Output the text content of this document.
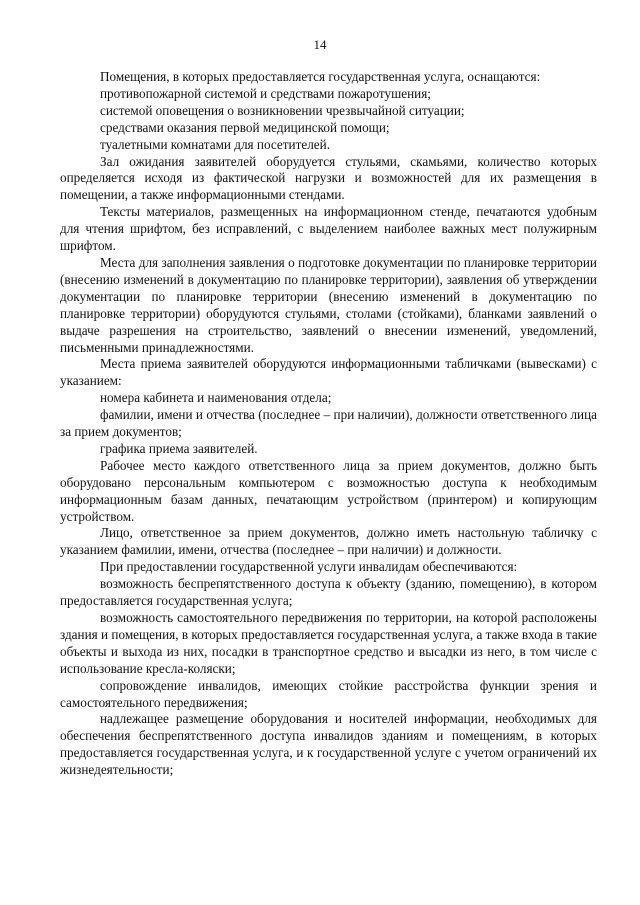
14

Помещения, в которых предоставляется государственная услуга, оснащаются:

противопожарной системой и средствами пожаротушения;

системой оповещения о возникновении чрезвычайной ситуации;

средствами оказания первой медицинской помощи;

туалетными комнатами для посетителей.

Зал ожидания заявителей оборудуется стульями, скамьями, количество которых определяется исходя из фактической нагрузки и возможностей для их размещения в помещении, а также информационными стендами.

Тексты материалов, размещенных на информационном стенде, печатаются удобным для чтения шрифтом, без исправлений, с выделением наиболее важных мест полужирным шрифтом.

Места для заполнения заявления о подготовке документации по планировке территории (внесению изменений в документацию по планировке территории), заявления об утверждении документации по планировке территории (внесению изменений в документацию по планировке территории) оборудуются стульями, столами (стойками), бланками заявлений о выдаче разрешения на строительство, заявлений о внесении изменений, уведомлений, письменными принадлежностями.

Места приема заявителей оборудуются информационными табличками (вывесками) с указанием:

номера кабинета и наименования отдела;

фамилии, имени и отчества (последнее – при наличии), должности ответственного лица за прием документов;

графика приема заявителей.

Рабочее место каждого ответственного лица за прием документов, должно быть оборудовано персональным компьютером с возможностью доступа к необходимым информационным базам данных, печатающим устройством (принтером) и копирующим устройством.

Лицо, ответственное за прием документов, должно иметь настольную табличку с указанием фамилии, имени, отчества (последнее – при наличии) и должности.

При предоставлении государственной услуги инвалидам обеспечиваются:

возможность беспрепятственного доступа к объекту (зданию, помещению), в котором предоставляется государственная услуга;

возможность самостоятельного передвижения по территории, на которой расположены здания и помещения, в которых предоставляется государственная услуга, а также входа в такие объекты и выхода из них, посадки в транспортное средство и высадки из него, в том числе с использование кресла-коляски;

сопровождение инвалидов, имеющих стойкие расстройства функции зрения и самостоятельного передвижения;

надлежащее размещение оборудования и носителей информации, необходимых для обеспечения беспрепятственного доступа инвалидов зданиям и помещениям, в которых предоставляется государственная услуга, и к государственной услуге с учетом ограничений их жизнедеятельности;
